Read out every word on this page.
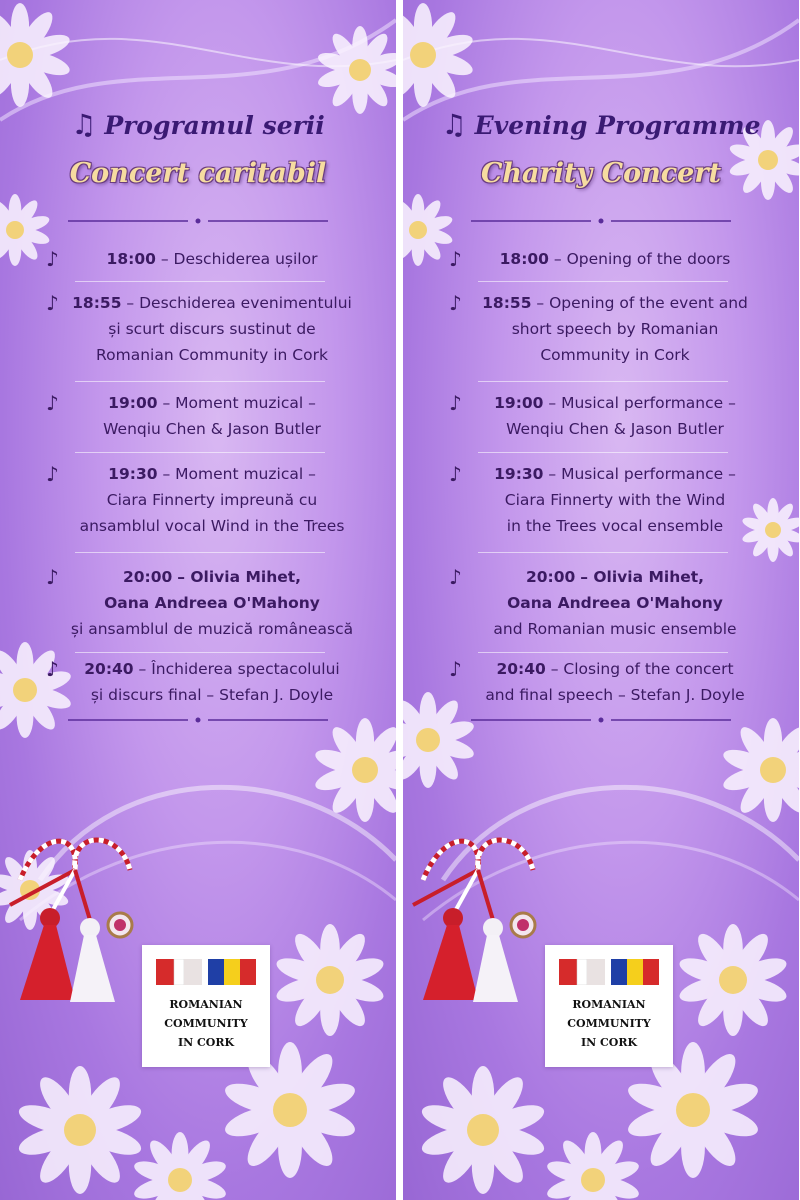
♫ Programul serii
Concert caritabil
♪	18:00 – Deschiderea ușilor
♪ 18:55 – Deschiderea evenimentului
și scurt discurs sustinut de
Romanian Community in Cork
♪	19:00 – Moment muzical –
Wenqiu Chen & Jason Butler
♪	19:30 – Moment muzical –
Ciara Finnerty impreună cu
ansamblul vocal Wind in the Trees
♪	20:00 – Olivia Mihet,
Oana Andreea O'Mahony
și ansamblul de muzică românească
♪	20:40 – Închiderea spectacolului
și discurs final – Stefan J. Doyle
ROMANIAN
COMMUNITY
IN CORK
♫ Evening Programme
Charity Concert
♪	18:00 – Opening of the doors
♪	18:55 – Opening of the event and
short speech by Romanian
Community in Cork
♪	19:00 – Musical performance –
Wenqiu Chen & Jason Butler
♪	19:30 – Musical performance –
Ciara Finnerty with the Wind
in the Trees vocal ensemble
♪	20:00 – Olivia Mihet,
Oana Andreea O'Mahony
and Romanian music ensemble
♪	20:40 – Closing of the concert
and final speech – Stefan J. Doyle
ROMANIAN
COMMUNITY
IN CORK
